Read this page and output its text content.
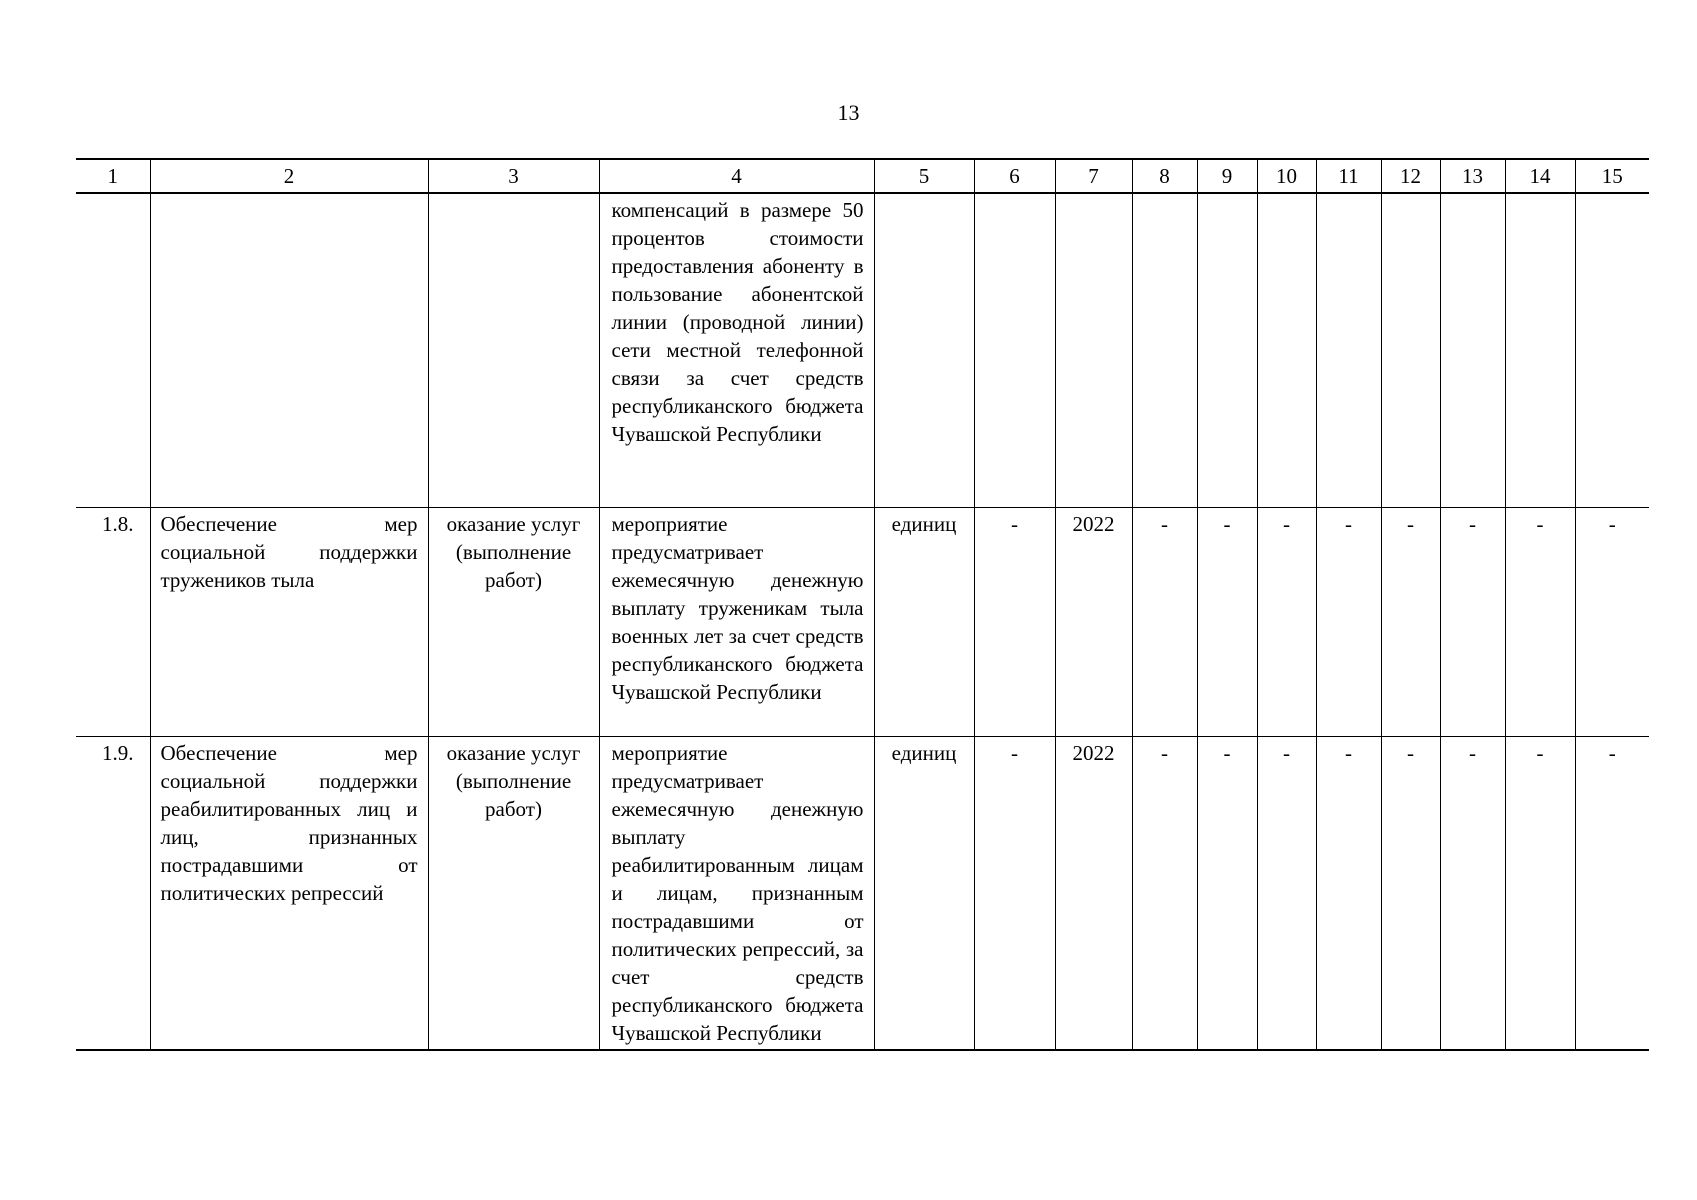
13
1	2	3	4	5	6	7	8	9	10	11	12	13	14	15
			компенсаций в размере 50 процентов стоимости предоставления абоненту в пользование абонентской линии (проводной линии) сети местной телефонной связи за счет средств республиканского бюджета Чувашской Республики											
1.8.	Обеспечение мер социальной поддержки тружеников тыла	оказание услуг (выполнение работ)	мероприятие предусматривает ежемесячную денежную выплату труженикам тыла военных лет за счет средств республиканского бюджета Чувашской Республики	единиц	-	2022	-	-	-	-	-	-	-	-
1.9.	Обеспечение мер социальной поддержки реабилитированных лиц и лиц, признанных пострадавшими от политических репрессий	оказание услуг (выполнение работ)	мероприятие предусматривает ежемесячную денежную выплату реабилитированным лицам и лицам, признанным пострадавшими от политических репрессий, за счет средств республиканского бюджета Чувашской Республики	единиц	-	2022	-	-	-	-	-	-	-	-
